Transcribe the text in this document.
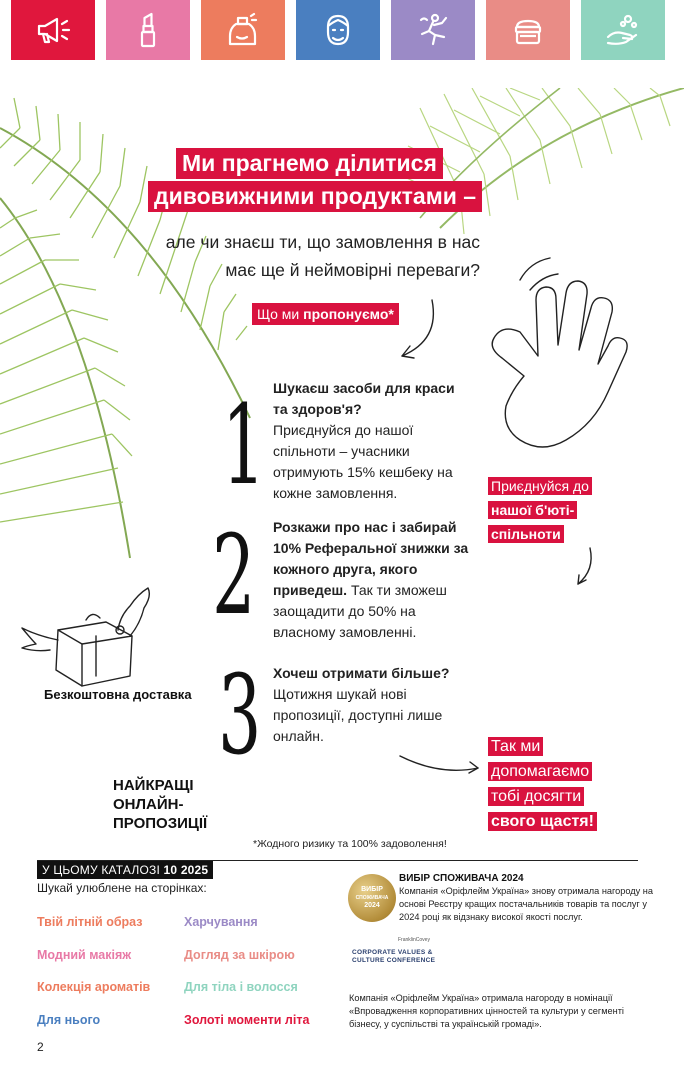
Ми прагнемо ділитися
дивовижними продуктами –
але чи знаєш ти, що замовлення в нас
має ще й неймовірні переваги?
Що ми пропонуємо*
1 Шукаєш засоби для краси та здоров'я?
Приєднуйся до нашої спільноти – учасники отримують 15% кешбеку на кожне замовлення.
2 Розкажи про нас і забирай 10% Реферальної знижки за кожного друга, якого приведеш. Так ти зможеш заощадити до 50% на власному замовленні.
3 Хочеш отримати більше?
Щотижня шукай нові пропозиції, доступні лише онлайн.
Приєднуйся до
нашої б'юті-
спільноти
Так ми
допомагаємо
тобі досягти
свого щастя!
Безкоштовна доставка
НАЙКРАЩІ
ОНЛАЙН-
ПРОПОЗИЦІЇ
*Жодного ризику та 100% задоволення!
У ЦЬОМУ КАТАЛОЗІ 10 2025
Шукай улюблене на сторінках:
Твій літній образ	Харчування
Модний макіяж	Догляд за шкірою
Колекція ароматів	Для тіла і волосся
Для нього	Золоті моменти літа
ВИБІР
СПОЖИВАЧА
2024
ВИБІР СПОЖИВАЧА 2024
Компанія «Оріфлейм Україна» знову отримала нагороду на основі Реєстру кращих постачальників товарів та послуг у 2024 році як відзнаку високої якості послуг.
FranklinCovey
CORPORATE VALUES &
CULTURE CONFERENCE
Компанія «Оріфлейм Україна» отримала нагороду в номінації «Впровадження корпоративних цінностей та культури у сегменті бізнесу, у суспільстві та українській громаді».
2
